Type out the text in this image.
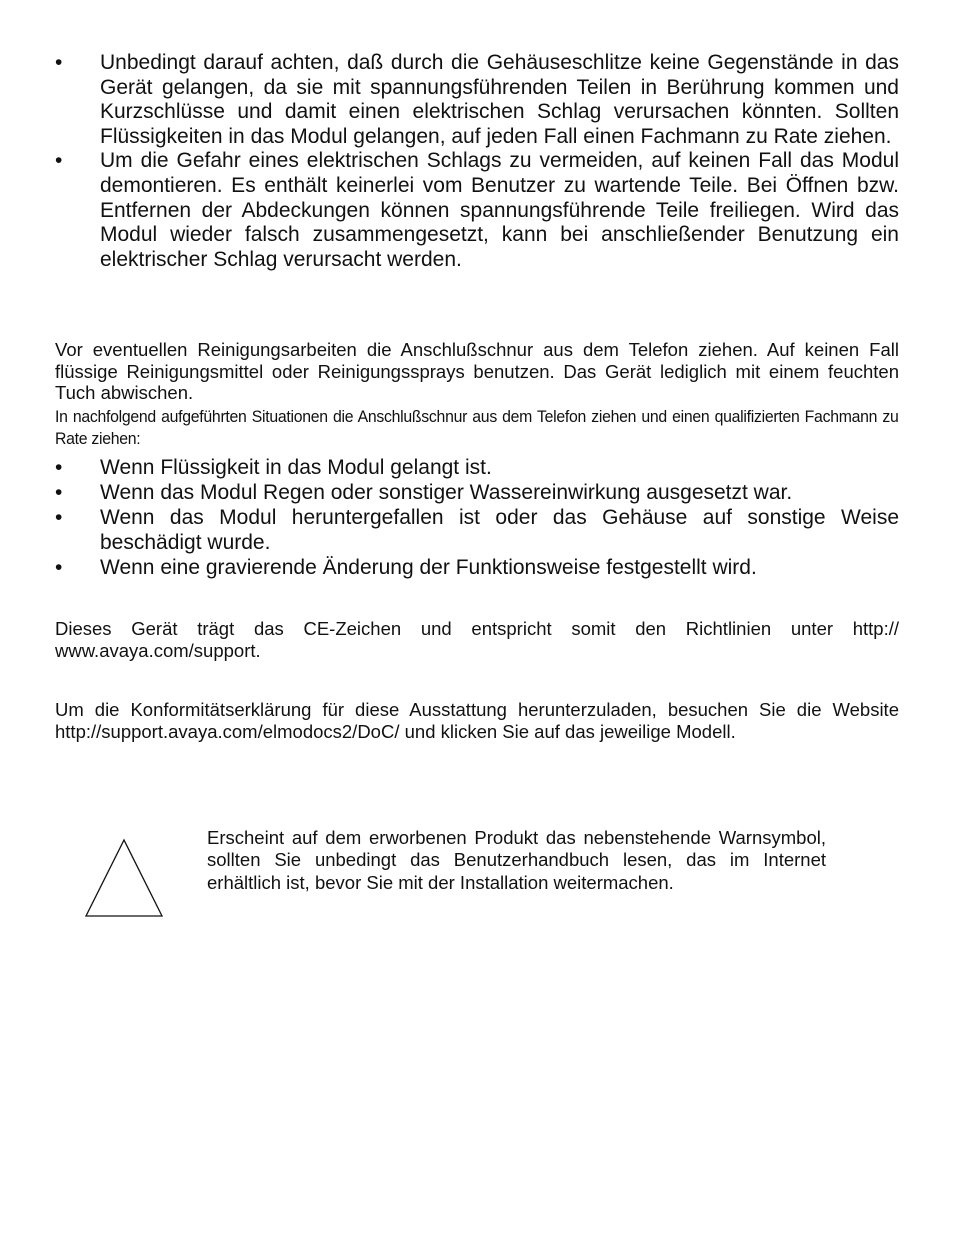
• Unbedingt darauf achten, daß durch die Gehäuseschlitze keine Gegenstände in das Gerät gelangen, da sie mit spannungsführenden Teilen in Berührung kommen und Kurzschlüsse und damit einen elektrischen Schlag verursachen könnten. Sollten Flüssigkeiten in das Modul gelangen, auf jeden Fall einen Fachmann zu Rate ziehen.
• Um die Gefahr eines elektrischen Schlags zu vermeiden, auf keinen Fall das Modul demontieren. Es enthält keinerlei vom Benutzer zu wartende Teile. Bei Öffnen bzw. Entfernen der Abdeckungen können spannungsführende Teile freiliegen. Wird das Modul wieder falsch zusammengesetzt, kann bei anschließender Benutzung ein elektrischer Schlag verursacht werden.

Vor eventuellen Reinigungsarbeiten die Anschlußschnur aus dem Telefon ziehen. Auf keinen Fall flüssige Reinigungsmittel oder Reinigungssprays benutzen. Das Gerät lediglich mit einem feuchten Tuch abwischen.

In nachfolgend aufgeführten Situationen die Anschlußschnur aus dem Telefon ziehen und einen qualifizierten Fachmann zu Rate ziehen:

• Wenn Flüssigkeit in das Modul gelangt ist.
• Wenn das Modul Regen oder sonstiger Wassereinwirkung ausgesetzt war.
• Wenn das Modul heruntergefallen ist oder das Gehäuse auf sonstige Weise beschädigt wurde.
• Wenn eine gravierende Änderung der Funktionsweise festgestellt wird.

Dieses Gerät trägt das CE-Zeichen und entspricht somit den Richtlinien unter http:// www.avaya.com/support.

Um die Konformitätserklärung für diese Ausstattung herunterzuladen, besuchen Sie die Website http://support.avaya.com/elmodocs2/DoC/ und klicken Sie auf das jeweilige Modell.

Erscheint auf dem erworbenen Produkt das nebenstehende Warnsymbol, sollten Sie unbedingt das Benutzerhandbuch lesen, das im Internet erhältlich ist, bevor Sie mit der Installation weitermachen.
